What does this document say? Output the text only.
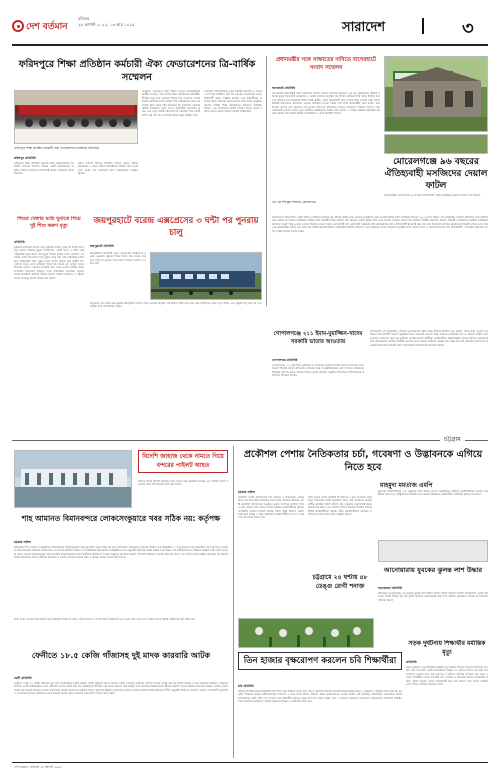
দেশ বর্তমান
রবিবার
২৮ আগস্ট ২০২২, ১৩ ভাদ্র ১৪২৯	সারাদেশ	৩
ফরিদপুরে শিক্ষা প্রতিষ্ঠান কর্মচারী ঐক্য ফেডারেশনের ত্রি-বার্ষিক সম্মেলন
ফরিদপুরে শিক্ষা প্রতিষ্ঠান কর্মচারী ঐক্য ফেডারেশনের সম্মেলনে অতিথিরা
ফরিদপুর প্রতিনিধি
ফরিদপুরে শিক্ষা প্রতিষ্ঠান কর্মচারী ঐক্য ফেডারেশনের ত্রি-বার্ষিক সম্মেলন শনিবার শহরের একটি মিলনায়তনে অনুষ্ঠিত হয়েছে সম্মেলনে সভাপতিত্ব করেন সংগঠনের জেলা সভাপতি
প্রধান অতিথি হিসেবে উপস্থিত ছিলেন জেলা পরিষদ চেয়ারম্যান এ সময় বক্তারা কর্মচারীদের বিভিন্ন দাবি দাওয়া তুলে ধরেন এবং সরকারের কাছে বাস্তবায়নের আহ্বান জানান
অনুষ্ঠানে অন্যান্যের মধ্যে বক্তব্য রাখেন ফেডারেশনের কেন্দ্রীয় নেতৃবৃন্দ তারা বলেন শিক্ষা প্রতিষ্ঠানের কর্মচারীরা দীর্ঘদিন ধরে নানা বৈষম্যের শিকার হয়ে আসছেন তাদের চাকরি জাতীয়করণসহ বিভিন্ন দাবি বাস্তবায়নের জন্য সরকারের প্রতি জোর দাবি জানানো হয় সম্মেলনে জেলার বিভিন্ন উপজেলা থেকে আগত কর্মচারীরা অংশগ্রহণ করেন এবং নতুন কমিটি গঠন করা হয় সম্মেলন শেষে একটি র‍্যালি বের করা হয় যা শহরের প্রধান সড়ক প্রদক্ষিণ করে
সম্মেলনে সর্বসম্মতিক্রমে নতুন কমিটির সভাপতি ও সাধারণ সম্পাদক নির্বাচিত করা হয় নেতৃবৃন্দ সংগঠনকে আরও শক্তিশালী করার আহ্বান জানান এবং কর্মচারীদের অধিকার রক্ষায় ঐক্যবদ্ধ থাকার প্রত্যয় ব্যক্ত করেন অনুষ্ঠানে জেলার বিভিন্ন শিক্ষা প্রতিষ্ঠানের প্রধানগণ উপস্থিত ছিলেন এবং সম্মেলনের সার্বিক সাফল্য কামনা করেন বক্তারা আরও বলেন বর্তমান সরকার শিক্ষাবান্ধব
শিশুর খেলার মধ্যে ঘুমাতে গিয়ে দুই শিশু করুণ মৃত্যু
প্রতিনিধি
কুমিল্লার চান্দিনায় খেলার সময় পুকুরের পানিতে ডুবে দুই শিশুর করুণ মৃত্যু হয়েছে শনিবার দুপুরে উপজেলার একটি গ্রামে এ ঘটনা ঘটে পারিবারিক সূত্রে জানা যায় দুপুরে শিশুরা বাড়ির পাশে খেলছিল এক পর্যায়ে সবার অগোচরে তারা পুকুরে পড়ে যায় পরে পরিবারের লোকজন খোঁজাখুঁজি করে পুকুর থেকে তাদের উদ্ধার করে স্থানীয় হাসপাতালে নিয়ে গেলে কর্তব্যরত চিকিৎসক তাদের মৃত ঘোষণা করেন শিশুদের মৃত্যুতে এলাকায় শোকের ছায়া নেমে এসেছে স্থানীয় জনপ্রতিনিধিরা নিহতদের বাড়িতে গিয়ে পরিবারকে সমবেদনা জানান থানার ভারপ্রাপ্ত কর্মকর্তা ঘটনার সত্যতা নিশ্চিত করেছেন এ ঘটনায় থানায় অপমৃত্যু মামলা দায়ের করা হয়েছে
জয়পুরহাটে বরেন্দ্র এক্সপ্রেসের ৩ ঘন্টা পর পুনরায় চালু
জয়পুরহাট প্রতিনিধি
জয়পুরহাটে চিলাহাটি থেকে খুলনাগামী আন্তঃনগর বরেন্দ্র এক্সপ্রেস ট্রেনের ইঞ্জিন বিকল হয়ে পড়ায় প্রায় তিন ঘণ্টা পর পুনরায় চালু হয়েছে শনিবার সকালে এ ঘটনা ঘটে
রেলওয়ে সূত্রে জানা যায় ট্রেনটি জয়পুরহাট স্টেশন ছেড়ে যাওয়ার কিছুক্ষণ পর ইঞ্জিনে ত্রুটি দেখা দেয় পরে পার্বতীপুর থেকে নতুন ইঞ্জিন এনে ট্রেনটি চালু করা হয় এতে যাত্রীরা চরম ভোগান্তিতে পড়েন
প্রধানমন্ত্রীর সঙ্গে সাক্ষাতের দাবিতে বাগেরহাটে সংবাদ সম্মেলন
বাগেরহাট প্রতিনিধি
বাগেরহাটে প্রধানমন্ত্রীর সঙ্গে সাক্ষাতের দাবিতে সংবাদ সম্মেলন করেছেন এক বৃদ্ধ মুক্তিযোদ্ধা পরিবার শনিবার দুপুরে বাগেরহাট প্রেসক্লাবে এ সংবাদ সম্মেলন অনুষ্ঠিত হয় লিখিত বক্তব্যে তিনি বলেন দীর্ঘদিন ধরে তার পরিবার নানা হয়রানির শিকার হচ্ছে স্থানীয় একটি প্রভাবশালী মহল তাদের জমি দখলের চেষ্টা করছে বিষয়টি প্রশাসনকে জানালেও কোনো প্রতিকার পাওয়া যায়নি তাই তিনি প্রধানমন্ত্রীর সঙ্গে সাক্ষাৎ করে নিজের দুঃখের কথা জানাতে চান সংবাদ সম্মেলনে পরিবারের অন্যান্য সদস্যরাও উপস্থিত ছিলেন তারা ন্যায়বিচার প্রত্যাশা করেন এবং দোষীদের দৃষ্টান্তমূলক শাস্তির দাবি জানান এ বিষয়ে সংশ্লিষ্ট কর্তৃপক্ষের হস্তক্ষেপ কামনা করা হয়েছে স্থানীয় সাংবাদিকরা এ সময় উপস্থিত ছিলেন
মোরেলগঞ্জে ৯৬ বছরের ঐতিহ্যবাহী মসজিদের দেয়াল ফাটল
এস এম শফিকুল ইসলাম, মোরেলগঞ্জ
বাগেরহাটের মোরেলগঞ্জে ৯৬ বছরের ঐতিহ্যবাহী একটি মসজিদের দেয়ালে ফাটল দেখা দিয়েছে
মোরেলগঞ্জ উপজেলার একটি প্রাচীন মসজিদের দেয়ালে বড় ধরনের ফাটল দেখা দেওয়ায় মুসল্লিদের মধ্যে আতঙ্ক বিরাজ করছে স্থানীয়রা জানান ১৯২৬ সালে নির্মিত এই মসজিদটি এলাকার ঐতিহ্যের অংশ দীর্ঘদিন ধরে সংস্কার না হওয়ায় মসজিদের বিভিন্ন অংশ জরাজীর্ণ হয়ে পড়েছে বর্ষা মৌসুমে দেয়াল চুঁইয়ে পানি পড়ে নামাজ আদায়ে সমস্যা হয় মসজিদ কমিটির সভাপতি জানান বিষয়টি একাধিকবার সংশ্লিষ্ট কর্তৃপক্ষকে জানানো হয়েছে কিন্তু এখনো কোনো উদ্যোগ নেওয়া হয়নি এলাকাবাসী দ্রুত মসজিদটি সংস্কারের দাবি জানিয়েছেন যাতে ঐতিহ্যবাহী স্থাপনাটি রক্ষা করা যায় উপজেলা প্রশাসন জানিয়েছে বিষয়টি খতিয়ে দেখা হবে এবং প্রয়োজনীয় ব্যবস্থা গ্রহণ করা হবে স্থানীয় জনপ্রতিনিধিরা মসজিদটি পরিদর্শন করেছেন এবং সংস্কারের আশ্বাস দিয়েছেন মুসল্লিরা আশা করছেন দ্রুত এ সমস্যার সমাধান হবে ঐতিহ্যবাহী এ মসজিদে প্রতিদিন শত শত মুসল্লি নামাজ আদায় করেন
গোপালগঞ্জে ২১১ ইমাম-মুয়াজ্জিন-খাদেম সরকারি ভাতার আওতায়
গোপালগঞ্জ প্রতিনিধি
গোপালগঞ্জে ২১১ জন ইমাম মুয়াজ্জিন ও খাদেমকে সরকারি সম্মানী ভাতার আওতায় আনা হয়েছে শনিবার জেলা প্রশাসকের সম্মেলন কক্ষে আনুষ্ঠানিকভাবে ভাতা বিতরণ কার্যক্রমের উদ্বোধন করা হয় প্রধান অতিথি ছিলেন জেলা প্রশাসক অনুষ্ঠানে ইসলামিক ফাউন্ডেশনের কর্মকর্তারা উপস্থিত ছিলেন
ঐতিহ্যবাহী এই মসজিদটি এলাকার মুসলমানদের ধর্মীয় কেন্দ্র হিসেবে দীর্ঘদিন ধরে ভূমিকা পালন করে আসছে মসজিদের স্থাপত্যশৈলী দেখতে দূরদূরান্ত থেকে অনেকেই আসেন কিন্তু বর্তমানে মসজিদের ছাদ ও দেয়ালে ফাটল দেখা দেওয়ায় যেকোনো সময় বড় দুর্ঘটনার আশঙ্কা রয়েছে স্থানীয়রা মসজিদটিকে প্রত্নতাত্ত্বিক স্থাপনা হিসেবে সংরক্ষণের দাবি জানিয়েছেন মসজিদ কমিটির নেতারা বলেন নিজস্ব অর্থায়নে সংস্কার করা সম্ভব নয় তাই সরকারি সহযোগিতা প্রয়োজন ইতোমধ্যে বিষয়টি জেলা প্রশাসককে লিখিতভাবে জানানো হয়েছে
চট্টগ্রাম
বিদেশি জাহাজ থেকে নামতে গিয়ে বন্দরের পাইলট আহত
চট্টগ্রাম বন্দরে বিদেশি জাহাজ থেকে নামার সময় দুর্ঘটনায় বন্দরের এক পাইলট আহত হয়েছেন তাকে হাসপাতালে ভর্তি করা হয়েছে
শাহ আমানত বিমানবন্দরে লোকসেংকুয়ারে খবর সঠিক নয়: কর্তৃপক্ষ
চট্টগ্রাম অফিস
চট্টগ্রামের শাহ আমানত আন্তর্জাতিক বিমানবন্দরে লোকসেংকুয়ার নিয়ে প্রকাশিত খবর সঠিক নয় বলে জানিয়েছে বিমানবন্দর কর্তৃপক্ষ শনিবার এক বিজ্ঞপ্তিতে এ তথ্য জানানো হয় বিজ্ঞপ্তিতে বলা হয় কিছু গণমাধ্যমে বিমানবন্দরের নিরাপত্তা ব্যবস্থা নিয়ে যে সংবাদ প্রকাশিত হয়েছে তা বিভ্রান্তিকর বিমানবন্দরে আন্তর্জাতিক মান অনুযায়ী নিরাপত্তা ব্যবস্থা বজায় রাখা হচ্ছে এবং যাত্রীসেবার মান উন্নয়নে নিরন্তর কাজ চলছে কর্তৃপক্ষ আরও জানায় বিমানবন্দরের সকল কার্যক্রম স্বাভাবিকভাবে চলছে যাত্রীদের বিভ্রান্ত না হওয়ার অনুরোধ জানানো হয়েছে পাশাপাশি ভবিষ্যতে সংবাদ প্রকাশের আগে তথ্য যাচাই করার আহ্বান জানানো হয় বিমানবন্দরের পরিচালক বলেন যাত্রীদের নিরাপত্তা ও সেবাই আমাদের প্রধান লক্ষ্য এ বিষয়ে কোনো আপস করা হবে না
তিনি আরও জানান বিমানবন্দরে নতুন টার্মিনাল নির্মাণের কাজ এগিয়ে চলছে যা সম্পন্ন হলে যাত্রীসেবার মান আরও বৃদ্ধি পাবে এবং অধিক সংখ্যক ফ্লাইট পরিচালনা করা সম্ভব হবে
ফেনীতে ১৮.৫ কেজি গাঁজাসহ দুই মাদক কারবারি আটক
ফেনী প্রতিনিধি
ফেনীতে সাড়ে ১৮ কেজি গাঁজাসহ দুই মাদক কারবারিকে আটক করেছে পুলিশ শুক্রবার রাতে জেলার একটি এলাকায় অভিযান চালিয়ে তাদের আটক করা হয় পুলিশ জানায় গোপন সংবাদের ভিত্তিতে অভিযান চালিয়ে একটি প্রাইভেটকার থেকে গাঁজাসহ তাদের আটক করা হয় আটককৃতরা দীর্ঘদিন ধরে মাদক ব্যবসার সঙ্গে জড়িত বলে প্রাথমিক জিজ্ঞাসাবাদে স্বীকার করেছে তাদের বিরুদ্ধে মাদকদ্রব্য নিয়ন্ত্রণ আইনে মামলা দায়ের করা হয়েছে শনিবার তাদের আদালতের মাধ্যমে কারাগারে পাঠানো হয়েছে পুলিশের ঊর্ধ্বতন কর্মকর্তারা জানান মাদকের বিরুদ্ধে জিরো টলারেন্স নীতি অনুযায়ী অভিযান অব্যাহত থাকবে এলাকাবাসী পুলিশের এ তৎপরতার প্রশংসা করেছেন এবং মাদকমুক্ত সমাজ গড়তে সকলের সহযোগিতা কামনা করা হয়েছে
প্রকৌশল পেশায় নৈতিকতার চর্চা, গবেষণা ও উদ্ভাবনকে এগিয়ে নিতে হবে
মাহমুদা মমতাজ এমপি
চট্টগ্রাম অফিস
প্রকৌশল পেশায় নৈতিকতার চর্চা গবেষণা ও উদ্ভাবনকে এগিয়ে নিতে হবে বলে মন্তব্য করেছেন সংসদ সদস্য শনিবার চট্টগ্রামে একটি প্রকৌশল প্রতিষ্ঠানের অনুষ্ঠানে প্রধান অতিথির বক্তব্যে তিনি এ কথা বলেন তিনি বলেন দেশের উন্নয়নে প্রকৌশলীদের ভূমিকা অপরিসীম বর্তমান সরকার দেশকে উন্নত রাষ্ট্রে পরিণত করতে কাজ করে যাচ্ছে এ লক্ষ্য বাস্তবায়নে প্রকৌশলীদের সততা ও দক্ষতার সঙ্গে কাজ করতে হবে
তিনি আরও বলেন প্রযুক্তির উৎকর্ষতার এ যুগে আমাদের নতুন নতুন উদ্ভাবনের দিকে মনোযোগ দিতে হবে গবেষণার মাধ্যমে দেশীয় প্রযুক্তির বিকাশ ঘটাতে হবে অনুষ্ঠানে সভাপতিত্ব করেন প্রতিষ্ঠানের প্রধান এতে বিশেষ অতিথি হিসেবে উপস্থিত ছিলেন বিশিষ্ট প্রকৌশলীবৃন্দ বক্তারা নবীন প্রকৌশলীদের দেশপ্রেম ও নৈতিকতা নিয়ে কাজ করার আহ্বান জানান
চট্টগ্রামে প্রকৌশলীদের এক অনুষ্ঠানে তিনি বলেন দেশের অবকাঠামো উন্নয়নে প্রকৌশলীদের অবদান অনস্বীকার্য পদ্মা সেতু মেট্রোরেলসহ বিভিন্ন মেগা প্রকল্প বাস্তবায়নে প্রকৌশলীরা গুরুত্বপূর্ণ ভূমিকা রেখেছেন
আনোয়ারায় যুবকের ঝুলন্ত লাশ উদ্ধার
আনোয়ারা প্রতিনিধি
চট্টগ্রামের আনোয়ারায় এক যুবকের ঝুলন্ত লাশ উদ্ধার করেছে পুলিশ শনিবার সকালে উপজেলার একটি গ্রাম থেকে লাশটি উদ্ধার করা হয় পুলিশ জানায় ময়নাতদন্তের জন্য লাশ চট্টগ্রাম মেডিকেল কলেজ হাসপাতালে পাঠানো হয়েছে
চট্টগ্রামে ২৪ ঘণ্টায় ৪৮ ডেঙ্গু রোগী শনাক্ত
তিন হাজার বৃক্ষরোপণ করলেন চবি শিক্ষার্থীরা
চবি প্রতিনিধি
চট্টগ্রাম বিশ্ববিদ্যালয়ের শিক্ষার্থীরা ক্যাম্পাসে তিন হাজার গাছের চারা রোপণ করেছেন শনিবার বিশ্ববিদ্যালয়ের বিভিন্ন স্থানে এ বৃক্ষরোপণ কর্মসূচি পালন করা হয় কর্মসূচির উদ্বোধন করেন বিশ্ববিদ্যালয়ের উপাচার্য এ সময় তিনি বলেন পরিবেশ রক্ষায় বৃক্ষরোপণের কোনো বিকল্প নেই জলবায়ু পরিবর্তনের নেতিবাচক প্রভাব মোকাবিলায় বেশি বেশি গাছ লাগাতে হবে শিক্ষার্থীরা জানান সবুজ ক্যাম্পাস গড়ার লক্ষ্যে তারা এ উদ্যোগ নিয়েছেন রোপণকৃত চারাগুলোর পরিচর্যার দায়িত্বও তারা নিয়েছেন কর্মসূচিতে বিভিন্ন বিভাগের শিক্ষক ও কর্মকর্তারা অংশ নেন
সড়ক দুর্ঘটনায় শিক্ষার্থীর মর্মান্তিক মৃত্যু
প্রতিনিধি
সড়ক দুর্ঘটনায় এক শিক্ষার্থীর মর্মান্তিক মৃত্যু হয়েছে শনিবার সকালে বিদ্যালয়ে যাওয়ার পথে দ্রুতগামী একটি যানবাহনের ধাক্কায় সে গুরুতর আহত হয় পরে হাসপাতালে নেওয়ার পথে তার মৃত্যু হয় এ ঘটনায় এলাকায় শোকের ছায়া নেমে এসেছে সহপাঠীরা ঘাতক চালকের দ্রুত গ্রেপ্তার ও বিচারের দাবিতে মানববন্ধন করেছে পুলিশ জানায় ঘাতক যানবাহনটি জব্দ করা হয়েছে তবে চালক পালিয়ে গেছে তাকে গ্রেপ্তারে অভিযান চলছে
দেশ বর্তমান । রবিবার ২৮ আগস্ট ২০২২
